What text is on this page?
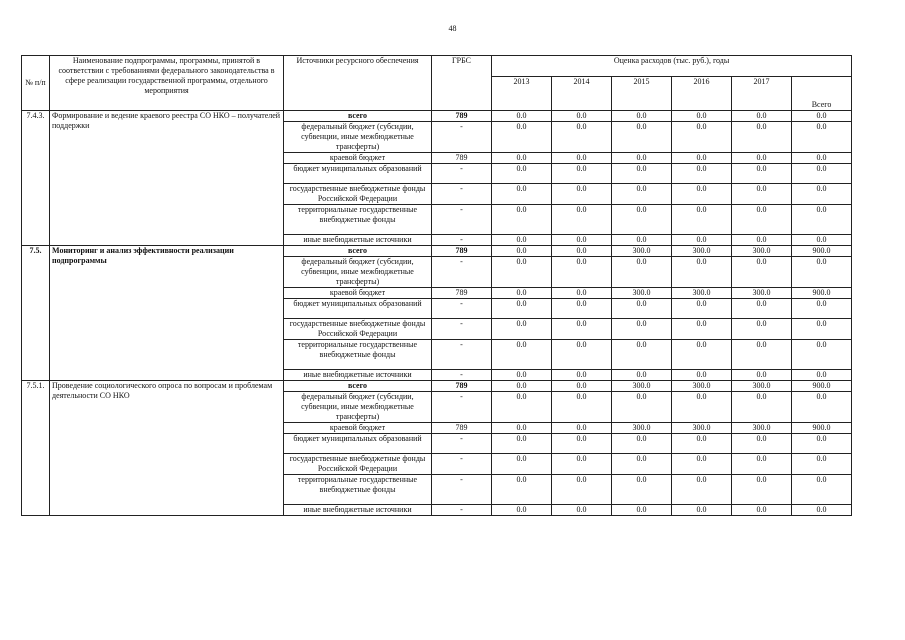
48
№ п/п	Наименование подпрограммы, программы, принятой в соответствии с требованиями федерального законодательства в сфере реализации государственной программы, отдельного мероприятия	Источники ресурсного обеспечения	ГРБС	Оценка расходов (тыс. руб.), годы					
				2013	2014	2015	2016	2017	Всего
7.4.3.	Формирование и ведение краевого реестра СО НКО – получателей поддержки	всего	789	0.0	0.0	0.0	0.0	0.0	0.0
		федеральный бюджет (субсидии, субвенции, иные межбюджетные трансферты)	-	0.0	0.0	0.0	0.0	0.0	0.0
		краевой бюджет	789	0.0	0.0	0.0	0.0	0.0	0.0
		бюджет муниципальных образований	-	0.0	0.0	0.0	0.0	0.0	0.0
		государственные внебюджетные фонды Российской Федерации	-	0.0	0.0	0.0	0.0	0.0	0.0
		территориальные государственные внебюджетные фонды	-	0.0	0.0	0.0	0.0	0.0	0.0
		иные внебюджетные источники	-	0.0	0.0	0.0	0.0	0.0	0.0
7.5.	Мониторинг и анализ эффективности реализации подпрограммы	всего	789	0.0	0.0	300.0	300.0	300.0	900.0
		федеральный бюджет (субсидии, субвенции, иные межбюджетные трансферты)	-	0.0	0.0	0.0	0.0	0.0	0.0
		краевой бюджет	789	0.0	0.0	300.0	300.0	300.0	900.0
		бюджет муниципальных образований	-	0.0	0.0	0.0	0.0	0.0	0.0
		государственные внебюджетные фонды Российской Федерации	-	0.0	0.0	0.0	0.0	0.0	0.0
		территориальные государственные внебюджетные фонды	-	0.0	0.0	0.0	0.0	0.0	0.0
		иные внебюджетные источники	-	0.0	0.0	0.0	0.0	0.0	0.0
7.5.1.	Проведение социологического опроса по вопросам и проблемам деятельности СО НКО	всего	789	0.0	0.0	300.0	300.0	300.0	900.0
		федеральный бюджет (субсидии, субвенции, иные межбюджетные трансферты)	-	0.0	0.0	0.0	0.0	0.0	0.0
		краевой бюджет	789	0.0	0.0	300.0	300.0	300.0	900.0
		бюджет муниципальных образований	-	0.0	0.0	0.0	0.0	0.0	0.0
		государственные внебюджетные фонды Российской Федерации	-	0.0	0.0	0.0	0.0	0.0	0.0
		территориальные государственные внебюджетные фонды	-	0.0	0.0	0.0	0.0	0.0	0.0
		иные внебюджетные источники	-	0.0	0.0	0.0	0.0	0.0	0.0
